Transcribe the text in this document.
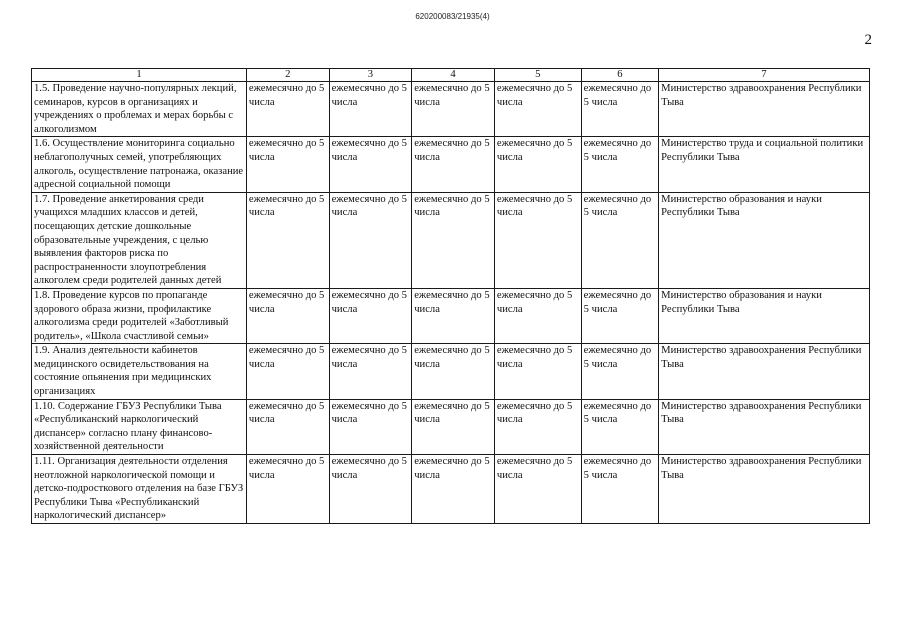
620200083/21935(4)
2
1	2	3	4	5	6	7
1.5. Проведение научно-популярных лекций, семинаров, курсов в организациях и учреждениях о проблемах и мерах борьбы с алкоголизмом	ежемесячно до 5 числа	ежемесячно до 5 числа	ежемесячно до 5 числа	ежемесячно до 5 числа	ежемесячно до 5 числа	Министерство здравоохранения Республики Тыва
1.6. Осуществление мониторинга социально неблагополучных семей, употребляющих алкоголь, осуществление патронажа, оказание адресной социальной помощи	ежемесячно до 5 числа	ежемесячно до 5 числа	ежемесячно до 5 числа	ежемесячно до 5 числа	ежемесячно до 5 числа	Министерство труда и социальной политики Республики Тыва
1.7. Проведение анкетирования среди учащихся младших классов и детей, посещающих детские дошкольные образовательные учреждения, с целью выявления факторов риска по распространенности злоупотребления алкоголем среди родителей данных детей	ежемесячно до 5 числа	ежемесячно до 5 числа	ежемесячно до 5 числа	ежемесячно до 5 числа	ежемесячно до 5 числа	Министерство образования и науки Республики Тыва
1.8. Проведение курсов по пропаганде здорового образа жизни, профилактике алкоголизма среди родителей «Заботливый родитель», «Школа счастливой семьи»	ежемесячно до 5 числа	ежемесячно до 5 числа	ежемесячно до 5 числа	ежемесячно до 5 числа	ежемесячно до 5 числа	Министерство образования и науки Республики Тыва
1.9. Анализ деятельности кабинетов медицинского освидетельствования на состояние опьянения при медицинских организациях	ежемесячно до 5 числа	ежемесячно до 5 числа	ежемесячно до 5 числа	ежемесячно до 5 числа	ежемесячно до 5 числа	Министерство здравоохранения Республики Тыва
1.10. Содержание ГБУЗ Республики Тыва «Республиканский наркологический диспансер» согласно плану финансово-хозяйственной деятельности	ежемесячно до 5 числа	ежемесячно до 5 числа	ежемесячно до 5 числа	ежемесячно до 5 числа	ежемесячно до 5 числа	Министерство здравоохранения Республики Тыва
1.11. Организация деятельности отделения неотложной наркологической помощи и детско-подросткового отделения на базе ГБУЗ Республики Тыва «Республиканский наркологический диспансер»	ежемесячно до 5 числа	ежемесячно до 5 числа	ежемесячно до 5 числа	ежемесячно до 5 числа	ежемесячно до 5 числа	Министерство здравоохранения Республики Тыва
